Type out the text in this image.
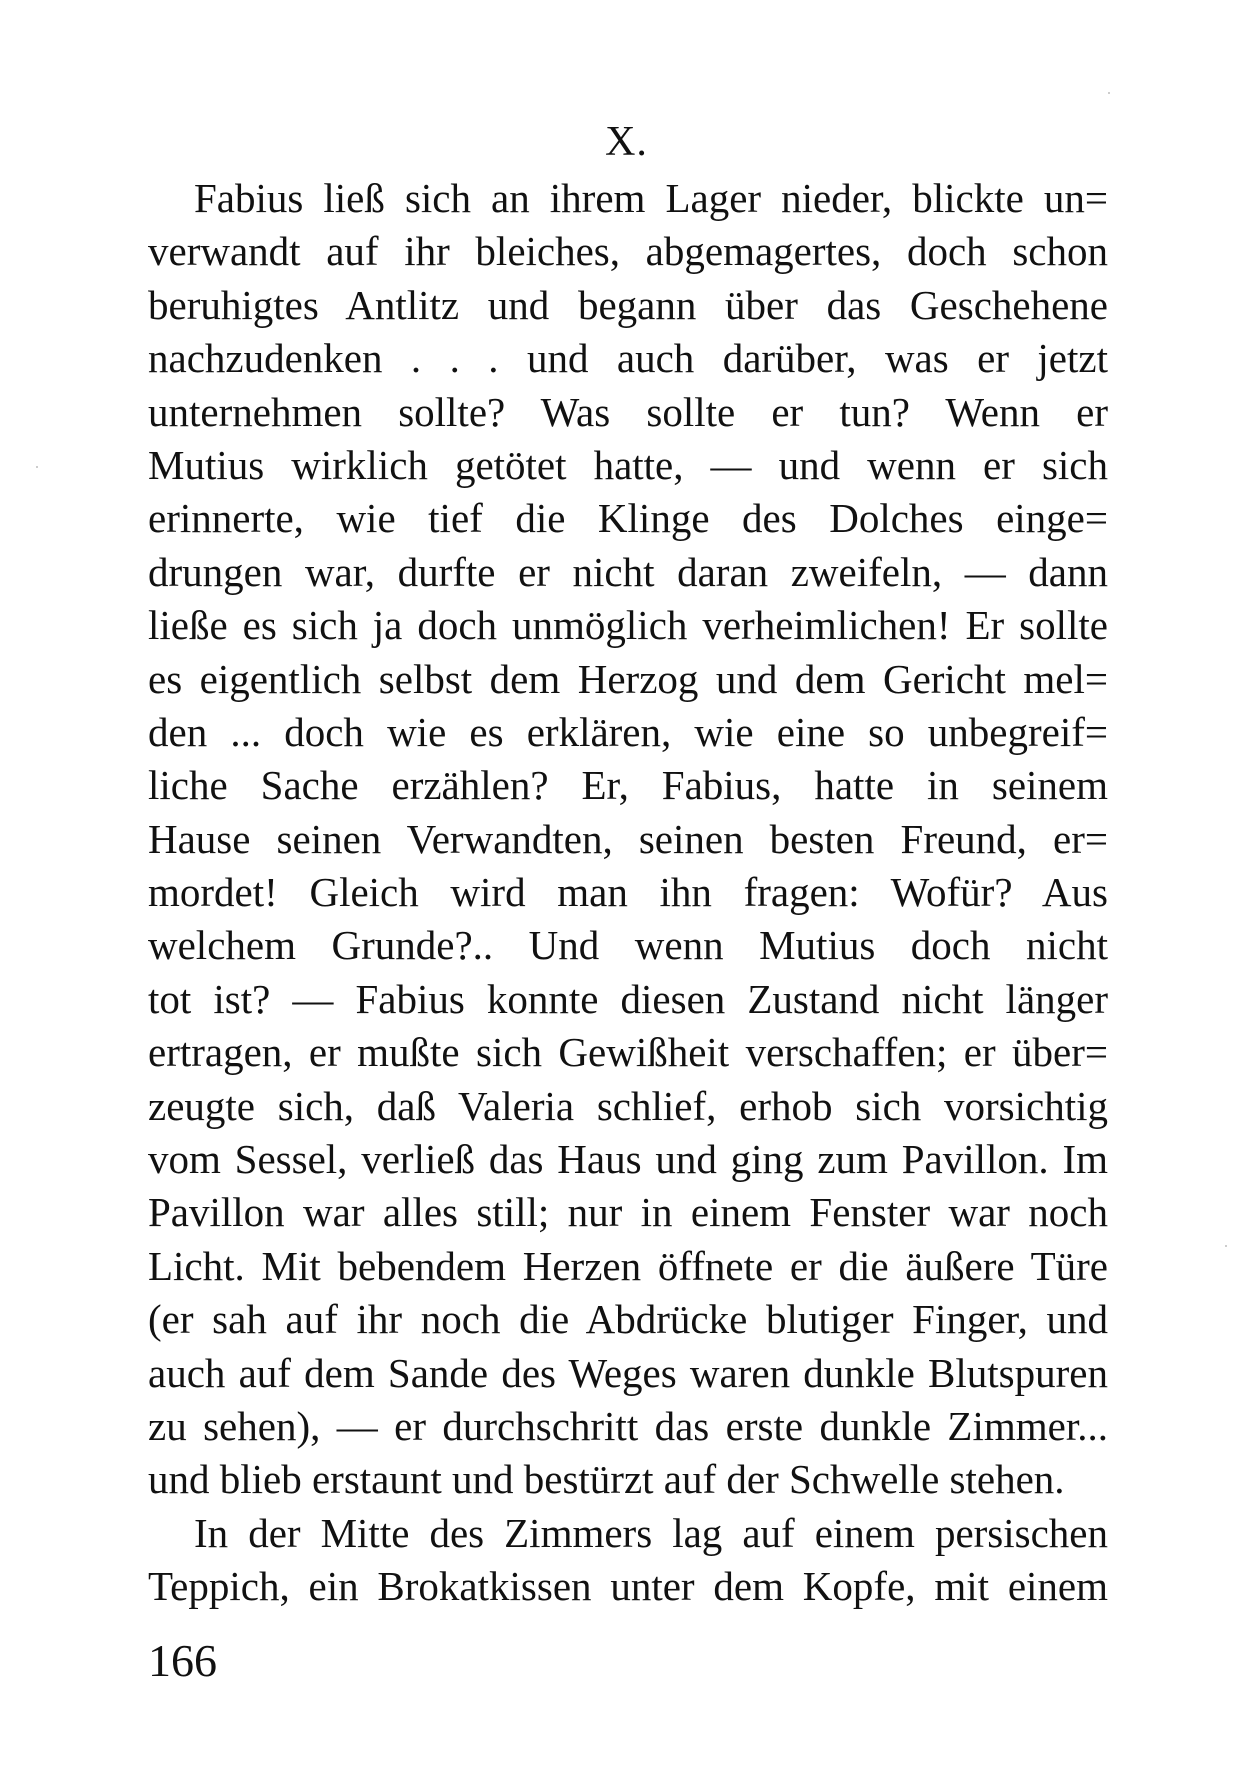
X.
Fabius ließ sich an ihrem Lager nieder, blickte un=
verwandt auf ihr bleiches, abgemagertes, doch schon
beruhigtes Antlitz und begann über das Geschehene
nachzudenken . . . und auch darüber, was er jetzt
unternehmen sollte? Was sollte er tun? Wenn er
Mutius wirklich getötet hatte, — und wenn er sich
erinnerte, wie tief die Klinge des Dolches einge=
drungen war, durfte er nicht daran zweifeln, — dann
ließe es sich ja doch unmöglich verheimlichen! Er sollte
es eigentlich selbst dem Herzog und dem Gericht mel=
den ... doch wie es erklären, wie eine so unbegreif=
liche Sache erzählen? Er, Fabius, hatte in seinem
Hause seinen Verwandten, seinen besten Freund, er=
mordet! Gleich wird man ihn fragen: Wofür? Aus
welchem Grunde?.. Und wenn Mutius doch nicht
tot ist? — Fabius konnte diesen Zustand nicht länger
ertragen, er mußte sich Gewißheit verschaffen; er über=
zeugte sich, daß Valeria schlief, erhob sich vorsichtig
vom Sessel, verließ das Haus und ging zum Pavillon. Im
Pavillon war alles still; nur in einem Fenster war noch
Licht. Mit bebendem Herzen öffnete er die äußere Türe
(er sah auf ihr noch die Abdrücke blutiger Finger, und
auch auf dem Sande des Weges waren dunkle Blutspuren
zu sehen), — er durchschritt das erste dunkle Zimmer...
und blieb erstaunt und bestürzt auf der Schwelle stehen.
In der Mitte des Zimmers lag auf einem persischen
Teppich, ein Brokatkissen unter dem Kopfe, mit einem
166
